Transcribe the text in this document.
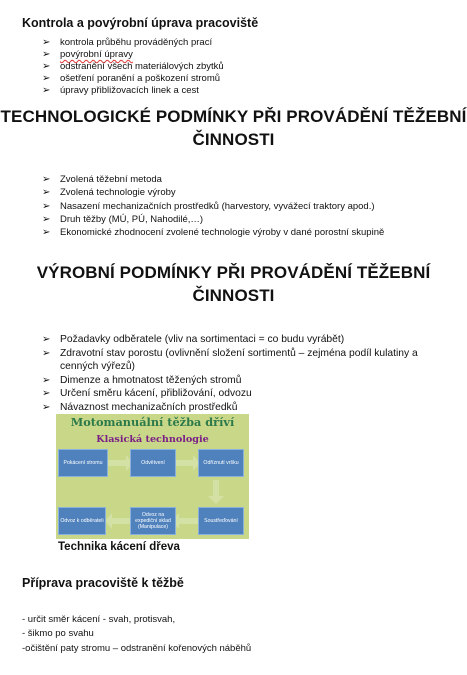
Kontrola a povýrobní úprava pracoviště
➢ kontrola průběhu prováděných prací
➢ povýrobní úpravy
➢ odstranění všech materiálových zbytků
➢ ošetření poranění a poškození stromů
➢ úpravy přibližovacích linek a cest
TECHNOLOGICKÉ PODMÍNKY PŘI PROVÁDĚNÍ TĚŽEBNÍ
ČINNOSTI
➢ Zvolená těžební metoda
➢ Zvolená technologie výroby
➢ Nasazení mechanizačních prostředků (harvestory, vyvážecí traktory apod.)
➢ Druh těžby (MÚ, PÚ, Nahodilé,…)
➢ Ekonomické zhodnocení zvolené technologie výroby v dané porostní skupině
VÝROBNÍ PODMÍNKY PŘI PROVÁDĚNÍ TĚŽEBNÍ
ČINNOSTI
➢ Požadavky odběratele (vliv na sortimentaci = co budu vyrábět)
➢ Zdravotní stav porostu (ovlivnění složení sortimentů – zejména podíl kulatiny a cenných výřezů)
➢ Dimenze a hmotnatost těžených stromů
➢ Určení směru kácení, přibližování, odvozu
➢ Návaznost mechanizačních prostředků
Motomanuální těžba dříví
Klasická technologie
Pokácení stromu	Odvětvení	Odříznutí vršku
Soustřeďování
Odvoz na expediční sklad (Manipulace)
Odvoz k odběrateli
Technika kácení dřeva
Příprava pracoviště k těžbě
- určit směr kácení - svah, protisvah,
- šikmo po svahu
-očištění paty stromu – odstranění kořenových náběhů
